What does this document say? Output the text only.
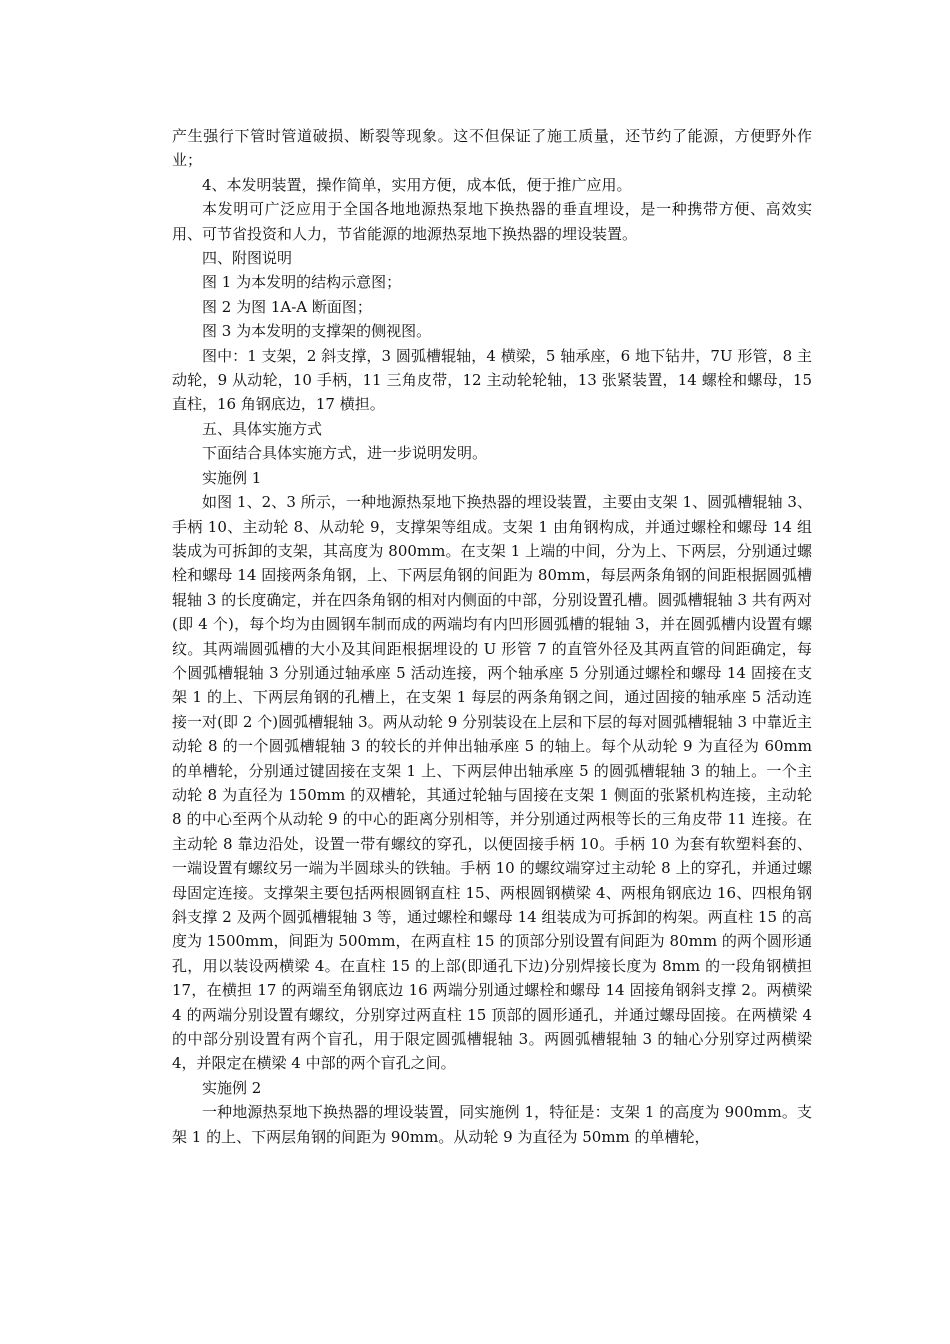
产生强行下管时管道破损、断裂等现象。这不但保证了施工质量，还节约了能源，方便野外作业；

4、本发明装置，操作简单，实用方便，成本低，便于推广应用。

本发明可广泛应用于全国各地地源热泵地下换热器的垂直埋设，是一种携带方便、高效实用、可节省投资和人力，节省能源的地源热泵地下换热器的埋设装置。

四、附图说明

图 1 为本发明的结构示意图；

图 2 为图 1A-A 断面图；

图 3 为本发明的支撑架的侧视图。

图中：1 支架，2 斜支撑，3 圆弧槽辊轴，4 横梁，5 轴承座，6 地下钻井，7U 形管，8 主动轮，9 从动轮，10 手柄，11 三角皮带，12 主动轮轮轴，13 张紧装置，14 螺栓和螺母，15 直柱，16 角钢底边，17 横担。

五、具体实施方式

下面结合具体实施方式，进一步说明发明。

实施例 1

如图 1、2、3 所示，一种地源热泵地下换热器的埋设装置，主要由支架 1、圆弧槽辊轴 3、手柄 10、主动轮 8、从动轮 9，支撑架等组成。支架 1 由角钢构成，并通过螺栓和螺母 14 组装成为可拆卸的支架，其高度为 800mm。在支架 1 上端的中间，分为上、下两层，分别通过螺栓和螺母 14 固接两条角钢，上、下两层角钢的间距为 80mm，每层两条角钢的间距根据圆弧槽辊轴 3 的长度确定，并在四条角钢的相对内侧面的中部，分别设置孔槽。圆弧槽辊轴 3 共有两对(即 4 个)，每个均为由圆钢车制而成的两端均有内凹形圆弧槽的辊轴 3，并在圆弧槽内设置有螺纹。其两端圆弧槽的大小及其间距根据埋设的 U 形管 7 的直管外径及其两直管的间距确定，每个圆弧槽辊轴 3 分别通过轴承座 5 活动连接，两个轴承座 5 分别通过螺栓和螺母 14 固接在支架 1 的上、下两层角钢的孔槽上，在支架 1 每层的两条角钢之间，通过固接的轴承座 5 活动连接一对(即 2 个)圆弧槽辊轴 3。两从动轮 9 分别装设在上层和下层的每对圆弧槽辊轴 3 中靠近主动轮 8 的一个圆弧槽辊轴 3 的较长的并伸出轴承座 5 的轴上。每个从动轮 9 为直径为 60mm 的单槽轮，分别通过键固接在支架 1 上、下两层伸出轴承座 5 的圆弧槽辊轴 3 的轴上。一个主动轮 8 为直径为 150mm 的双槽轮，其通过轮轴与固接在支架 1 侧面的张紧机构连接，主动轮 8 的中心至两个从动轮 9 的中心的距离分别相等，并分别通过两根等长的三角皮带 11 连接。在主动轮 8 靠边沿处，设置一带有螺纹的穿孔，以便固接手柄 10。手柄 10 为套有软塑料套的、一端设置有螺纹另一端为半圆球头的铁轴。手柄 10 的螺纹端穿过主动轮 8 上的穿孔，并通过螺母固定连接。支撑架主要包括两根圆钢直柱 15、两根圆钢横梁 4、两根角钢底边 16、四根角钢斜支撑 2 及两个圆弧槽辊轴 3 等，通过螺栓和螺母 14 组装成为可拆卸的构架。两直柱 15 的高度为 1500mm，间距为 500mm，在两直柱 15 的顶部分别设置有间距为 80mm 的两个圆形通孔，用以装设两横梁 4。在直柱 15 的上部(即通孔下边)分别焊接长度为 8mm 的一段角钢横担 17，在横担 17 的两端至角钢底边 16 两端分别通过螺栓和螺母 14 固接角钢斜支撑 2。两横梁 4 的两端分别设置有螺纹，分别穿过两直柱 15 顶部的圆形通孔，并通过螺母固接。在两横梁 4 的中部分别设置有两个盲孔，用于限定圆弧槽辊轴 3。两圆弧槽辊轴 3 的轴心分别穿过两横梁 4，并限定在横梁 4 中部的两个盲孔之间。

实施例 2

一种地源热泵地下换热器的埋设装置，同实施例 1，特征是：支架 1 的高度为 900mm。支架 1 的上、下两层角钢的间距为 90mm。从动轮 9 为直径为 50mm 的单槽轮，
